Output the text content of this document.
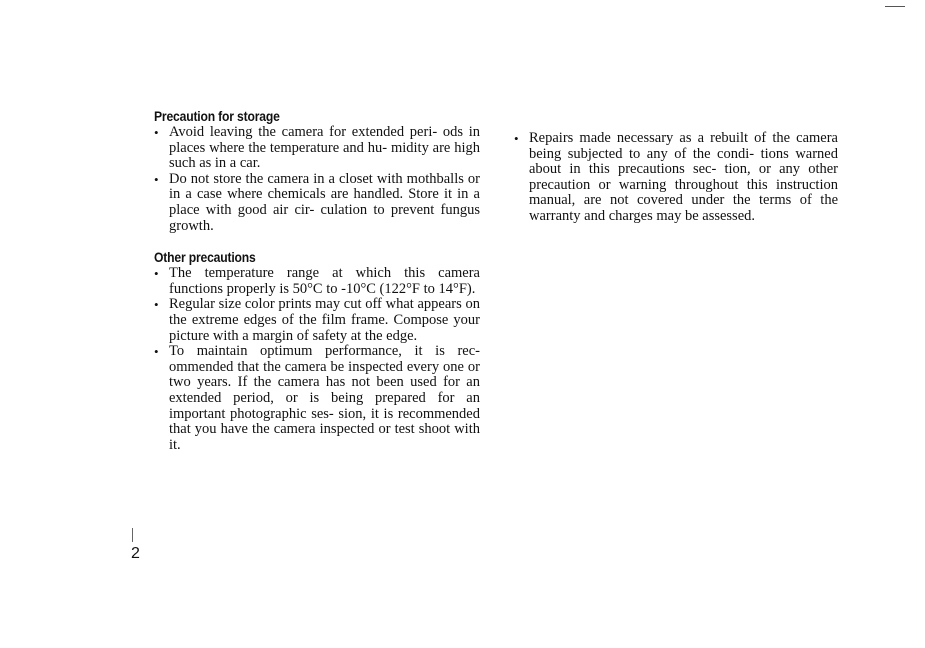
Precaution for storage
• Avoid leaving the camera for extended peri- ods in places where the temperature and hu- midity are high such as in a car.
• Do not store the camera in a closet with mothballs or in a case where chemicals are handled. Store it in a place with good air cir- culation to prevent fungus growth.
Other precautions
• The temperature range at which this camera functions properly is 50°C to -10°C (122°F to 14°F).
• Regular size color prints may cut off what appears on the extreme edges of the film frame. Compose your picture with a margin of safety at the edge.
• To maintain optimum performance, it is rec- ommended that the camera be inspected every one or two years. If the camera has not been used for an extended period, or is being prepared for an important photographic ses- sion, it is recommended that you have the camera inspected or test shoot with it.
• Repairs made necessary as a rebuilt of the camera being subjected to any of the condi- tions warned about in this precautions sec- tion, or any other precaution or warning throughout this instruction manual, are not covered under the terms of the warranty and charges may be assessed.
2
